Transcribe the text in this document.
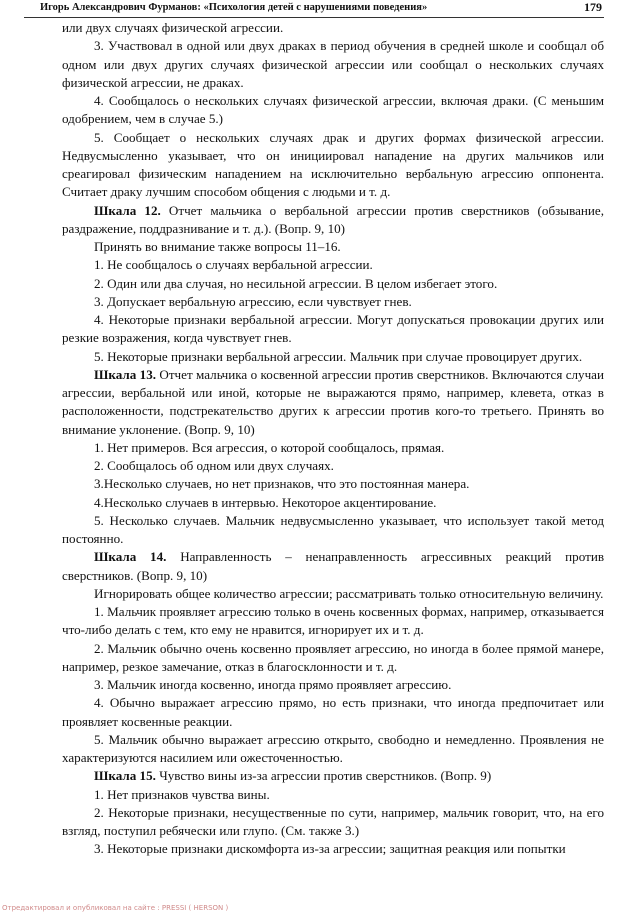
Игорь Александрович Фурманов: «Психология детей с нарушениями поведения»	179

или двух случаях физической агрессии.

3. Участвовал в одной или двух драках в период обучения в средней школе и сообщал об одном или двух других случаях физической агрессии или сообщал о нескольких случаях физической агрессии, не драках.

4. Сообщалось о нескольких случаях физической агрессии, включая драки. (С меньшим одобрением, чем в случае 5.)

5. Сообщает о нескольких случаях драк и других формах физической агрессии. Недвусмысленно указывает, что он инициировал нападение на других мальчиков или среагировал физическим нападением на исключительно вербальную агрессию оппонента. Считает драку лучшим способом общения с людьми и т. д.

Шкала 12. Отчет мальчика о вербальной агрессии против сверстников (обзывание, раздражение, поддразнивание и т. д.). (Вопр. 9, 10)

Принять во внимание также вопросы 11–16.

1. Не сообщалось о случаях вербальной агрессии.

2. Один или два случая, но несильной агрессии. В целом избегает этого.

3. Допускает вербальную агрессию, если чувствует гнев.

4. Некоторые признаки вербальной агрессии. Могут допускаться провокации других или резкие возражения, когда чувствует гнев.

5. Некоторые признаки вербальной агрессии. Мальчик при случае провоцирует других.

Шкала 13. Отчет мальчика о косвенной агрессии против сверстников. Включаются случаи агрессии, вербальной или иной, которые не выражаются прямо, например, клевета, отказ в расположенности, подстрекательство других к агрессии против кого-то третьего. Принять во внимание уклонение. (Вопр. 9, 10)

1. Нет примеров. Вся агрессия, о которой сообщалось, прямая.

2. Сообщалось об одном или двух случаях.

3.Несколько случаев, но нет признаков, что это постоянная манера.

4.Несколько случаев в интервью. Некоторое акцентирование.

5. Несколько случаев. Мальчик недвусмысленно указывает, что использует такой метод постоянно.

Шкала 14. Направленность – ненаправленность агрессивных реакций против сверстников. (Вопр. 9, 10)

Игнорировать общее количество агрессии; рассматривать только относительную величину.

1. Мальчик проявляет агрессию только в очень косвенных формах, например, отказывается что-либо делать с тем, кто ему не нравится, игнорирует их и т. д.

2. Мальчик обычно очень косвенно проявляет агрессию, но иногда в более прямой манере, например, резкое замечание, отказ в благосклонности и т. д.

3. Мальчик иногда косвенно, иногда прямо проявляет агрессию.

4. Обычно выражает агрессию прямо, но есть признаки, что иногда предпочитает или проявляет косвенные реакции.

5. Мальчик обычно выражает агрессию открыто, свободно и немедленно. Проявления не характеризуются насилием или ожесточенностью.

Шкала 15. Чувство вины из-за агрессии против сверстников. (Вопр. 9)

1. Нет признаков чувства вины.

2. Некоторые признаки, несущественные по сути, например, мальчик говорит, что, на его взгляд, поступил ребячески или глупо. (См. также 3.)

3. Некоторые признаки дискомфорта из-за агрессии; защитная реакция или попытки

Отредактировал и опубликовал на сайте : PRESSI ( HERSON )
